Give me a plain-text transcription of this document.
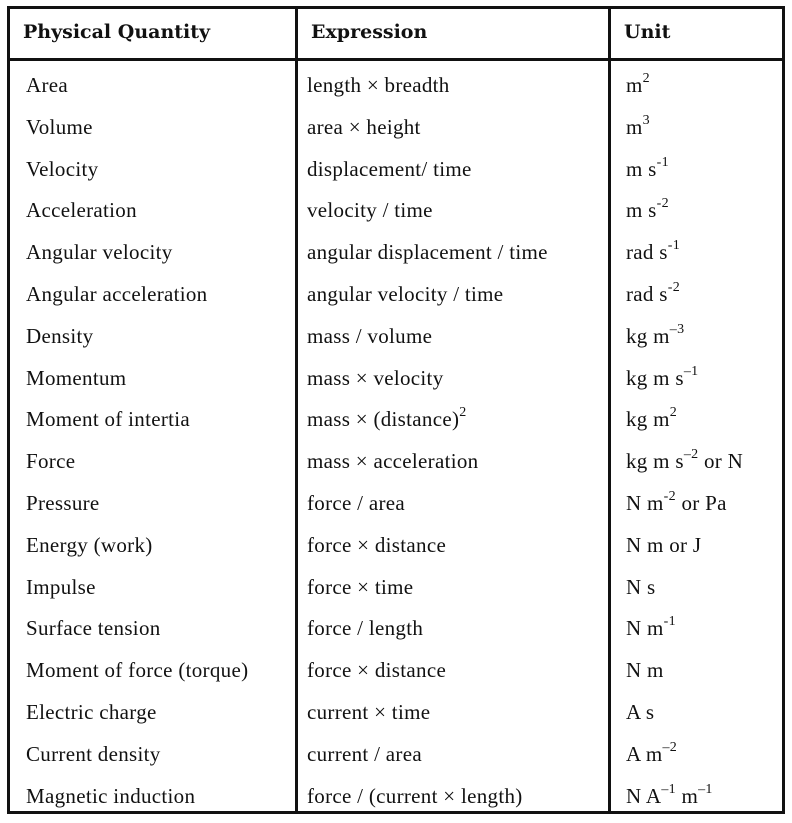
Physical Quantity	Expression	Unit
Area	length × breadth	$m^2$
Volume	area × height	$m^3$
Velocity	displacement/ time	m $s^{-1}$
Acceleration	velocity / time	m $s^{-2}$
Angular velocity	angular displacement / time	rad $s^{-1}$
Angular acceleration	angular velocity / time	rad $s^{-2}$
Density	mass / volume	kg $m^{-3}$
Momentum	mass × velocity	kg m $s^{-1}$
Moment of intertia	mass × (distance)$^2$	kg $m^2$
Force	mass × acceleration	kg m $s^{-2}$ or N
Pressure	force / area	N $m^{-2}$ or Pa
Energy (work)	force × distance	N m or J
Impulse	force × time	N s
Surface tension	force / length	N $m^{-1}$
Moment of force (torque)	force × distance	N m
Electric charge	current × time	A s
Current density	current / area	A $m^{-2}$
Magnetic induction	force / (current × length)	N $A^{-1}$ $m^{-1}$
